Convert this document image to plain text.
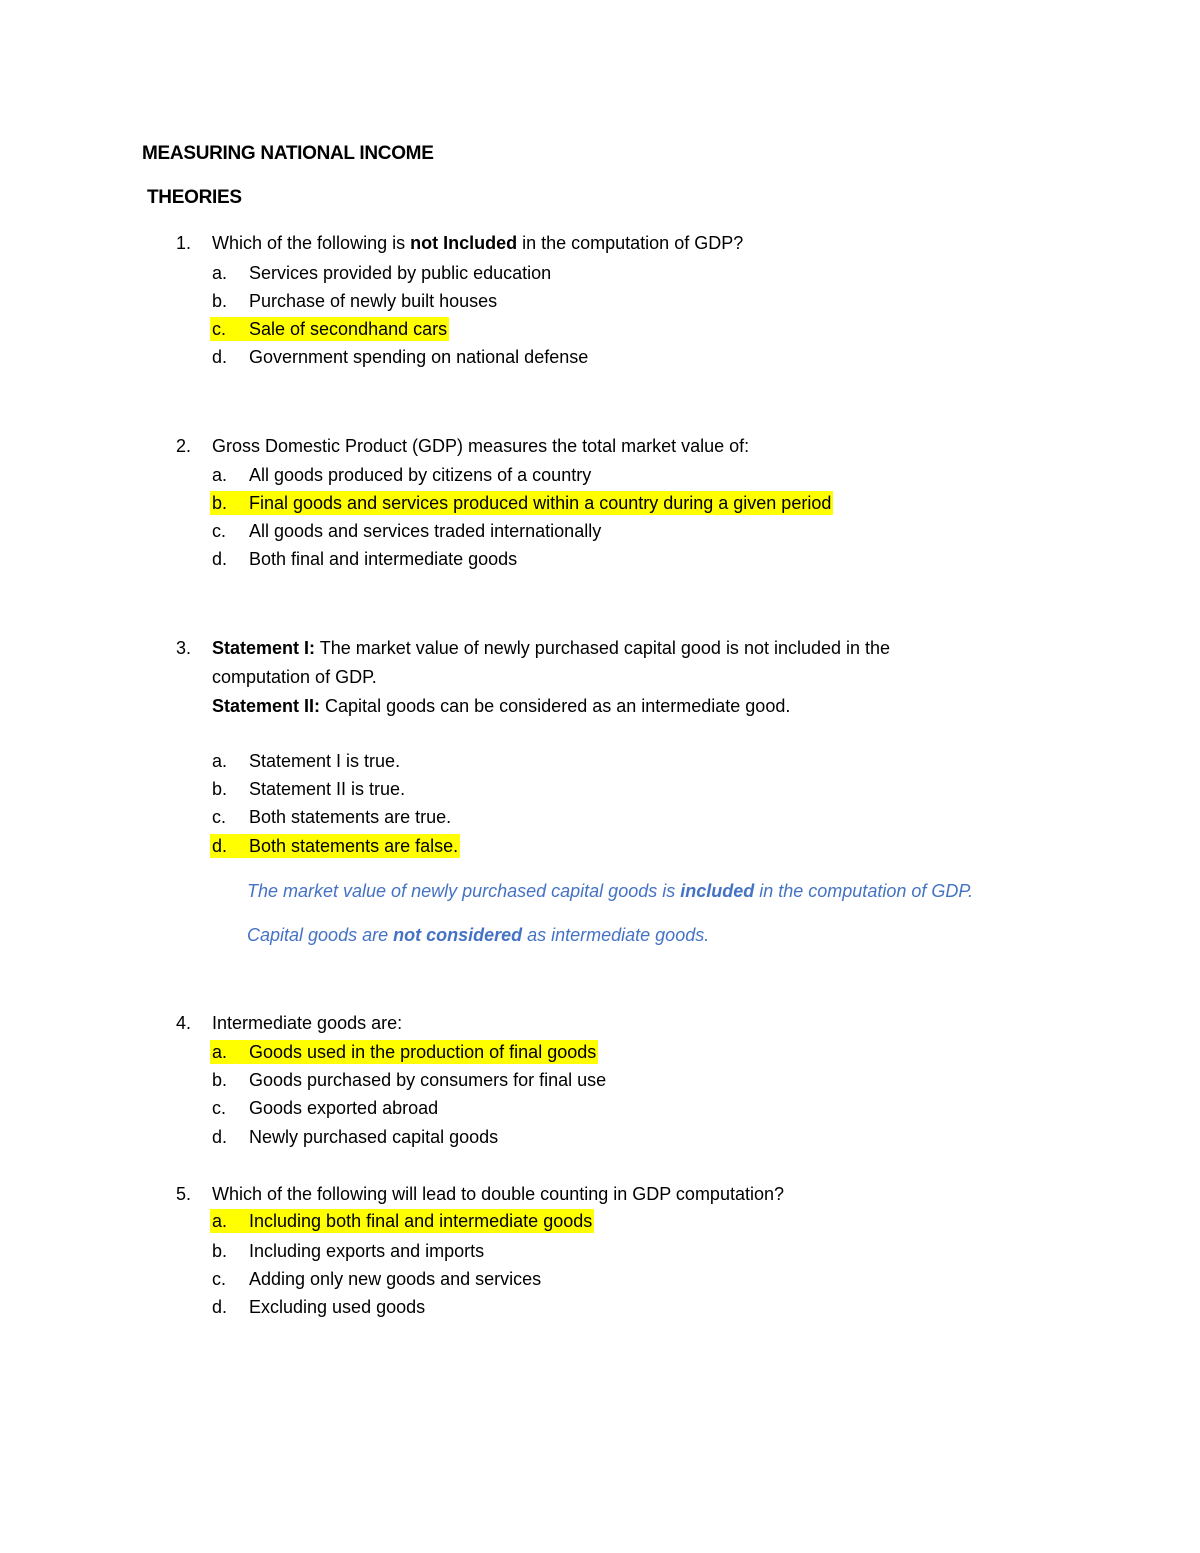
MEASURING NATIONAL INCOME
THEORIES
1.	Which of the following is not Included in the computation of GDP?
a. Services provided by public education
b. Purchase of newly built houses
c. Sale of secondhand cars
d. Government spending on national defense
2.	Gross Domestic Product (GDP) measures the total market value of:
a. All goods produced by citizens of a country
b. Final goods and services produced within a country during a given period
c. All goods and services traded internationally
d. Both final and intermediate goods
3.	Statement I: The market value of newly purchased capital good is not included in the
computation of GDP.
Statement II: Capital goods can be considered as an intermediate good.
a. Statement I is true.
b. Statement II is true.
c. Both statements are true.
d. Both statements are false.
The market value of newly purchased capital goods is included in the computation of GDP.
Capital goods are not considered as intermediate goods.
4.	Intermediate goods are:
a. Goods used in the production of final goods
b. Goods purchased by consumers for final use
c. Goods exported abroad
d. Newly purchased capital goods
5.	Which of the following will lead to double counting in GDP computation?
a. Including both final and intermediate goods
b. Including exports and imports
c. Adding only new goods and services
d. Excluding used goods
